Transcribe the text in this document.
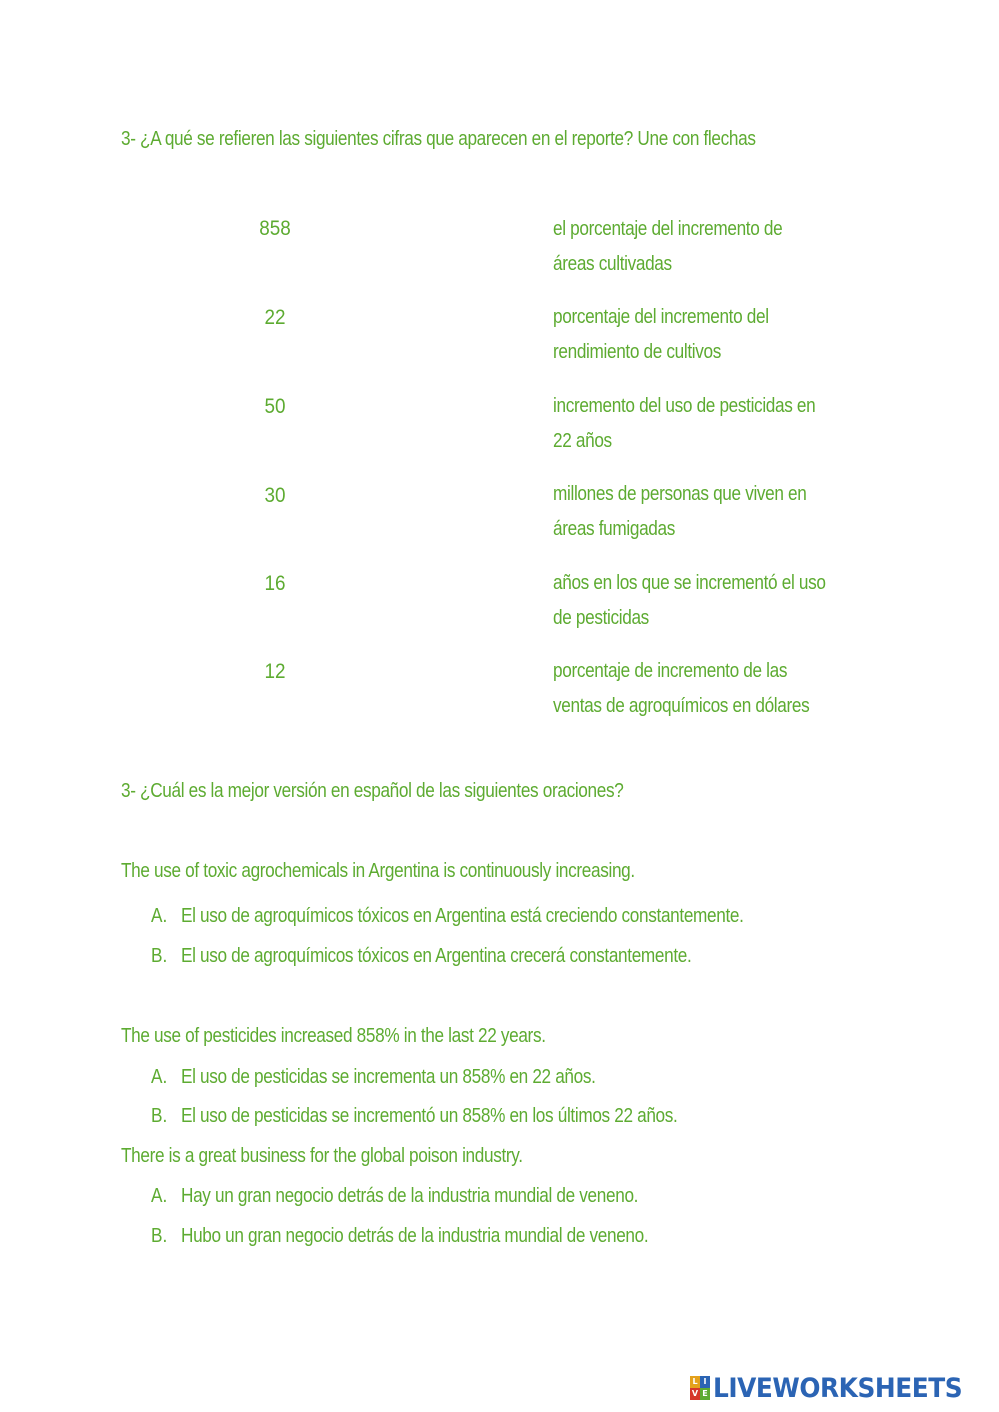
3- ¿A qué se refieren las siguientes cifras que aparecen en el reporte? Une con flechas
858
22
50
30
16
12
el porcentaje del incremento de
áreas cultivadas
porcentaje del incremento del
rendimiento de cultivos
incremento del uso de pesticidas en
22 años
millones de personas que viven en
áreas fumigadas
años en los que se incrementó el uso
de pesticidas
porcentaje de incremento de las
ventas de agroquímicos en dólares
3- ¿Cuál es la mejor versión en español de las siguientes oraciones?
The use of toxic agrochemicals in Argentina is continuously increasing.
A. El uso de agroquímicos tóxicos en Argentina está creciendo constantemente.
B. El uso de agroquímicos tóxicos en Argentina crecerá constantemente.
The use of pesticides increased 858% in the last 22 years.
A. El uso de pesticidas se incrementa un 858% en 22 años.
B. El uso de pesticidas se incrementó un 858% en los últimos 22 años.
There is a great business for the global poison industry.
A. Hay un gran negocio detrás de la industria mundial de veneno.
B. Hubo un gran negocio detrás de la industria mundial de veneno.
L I
V E LIVEWORKSHEETS
